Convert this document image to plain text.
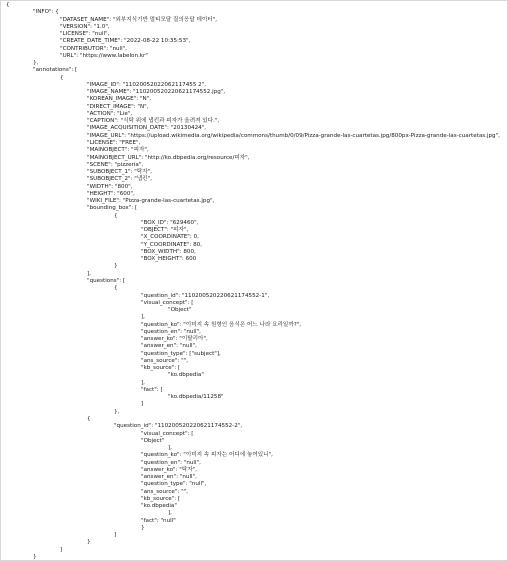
{
"INFO": {
"DATASET_NAME": "외부지식기반 멀티모달 질의응답 데이터",
"VERSION": "1.0",
"LICENSE": "null",
"CREATE_DATE_TIME": "2022-08-22 10:35:53",
"CONTRIBUTOR": "null",
"URL": "https://www.labelon.kr"
},
"annotations": [
{
"IMAGE_ID": "11020052022062117455 2",
"IMAGE_NAME": "110200520220621174552.jpg",
"KOREAN_IMAGE": "N",
"DIRECT_IMAGE": "N",
"ACTION": "Lie",
"CAPTION": "식탁 위에 냅킨과 피자가 올려져 있다.",
"IMAGE_ACQUISITION_DATE": "20130424",
"IMAGE_URL": "https://upload.wikimedia.org/wikipedia/commons/thumb/0/09/Pizza-grande-las-cuartetas.jpg/800px-Pizza-grande-las-cuartetas.jpg",
"LICENSE": "FREE",
"MAINOBJECT": "피자",
"MAINOBJECT_URL": "http://ko.dbpedia.org/resource/피자",
"SCENE": "pizzeria",
"SUBOBJECT_1": "탁자",
"SUBOBJECT_2": "냅킨",
"WIDTH": "800",
"HEIGHT": "600",
"WIKI_FILE": "Pizza-grande-las-cuartetas.jpg",
"bounding_box": [
{
"BOX_ID": "629460",
"OBJECT": "피자",
"X_COORDINATE": 0,
"Y_COORDINATE": 80,
"BOX_WIDTH": 800,
"BOX_HEIGHT": 600
}
],
"questions": [
{
"question_id": "110200520220621174552-1",
"visual_concept": [
"Object"
],
"question_ko": "이미지 속 원형인 음식은 어느 나라 요리일까?",
"question_en": "null",
"answer_ko": "이탈리아",
"answer_en": "null",
"question_type": ["subject"],
"ans_source": "",
"kb_source": [
"ko.dbpedia"
],
"fact": [
"ko.dbpedia/11258"
]
},
{
"question_id": "110200520220621174552-2",
"visual_concept": [
"Object"
],
"question_ko": "이미지 속 피자는 어디에 놓여있니",
"question_en": "null",
"answer_ko": "탁자",
"answer_en": "null",
"question_type": "null",
"ans_source": "",
"kb_source": [
"ko.dbpedia"
],
"fact": "null"
}
]
}
]
}
